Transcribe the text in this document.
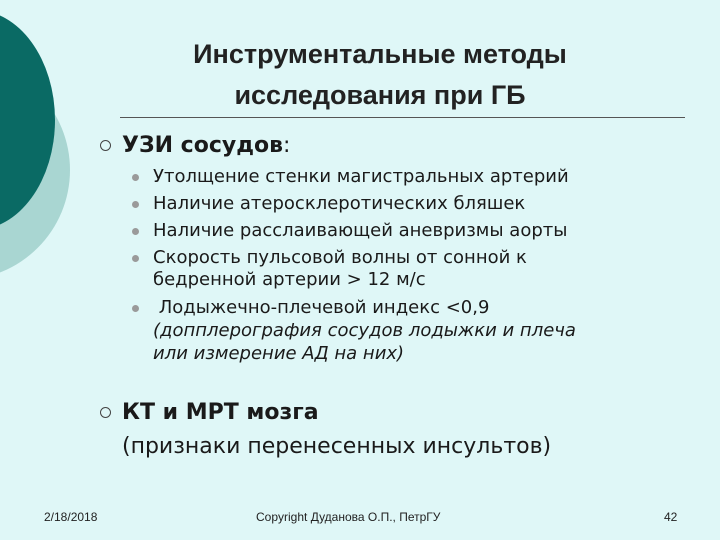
Инструментальные методы
исследования при ГБ
УЗИ сосудов:
Утолщение стенки магистральных артерий
Наличие атеросклеротических бляшек
Наличие расслаивающей аневризмы аорты
Скорость пульсовой волны от сонной к
бедренной артерии > 12 м/с
Лодыжечно-плечевой индекс <0,9
(допплерография сосудов лодыжки и плеча
или измерение АД на них)
КТ и МРТ мозга
(признаки перенесенных инсультов)
2/18/2018	Copyright Дуданова О.П., ПетрГУ	42
